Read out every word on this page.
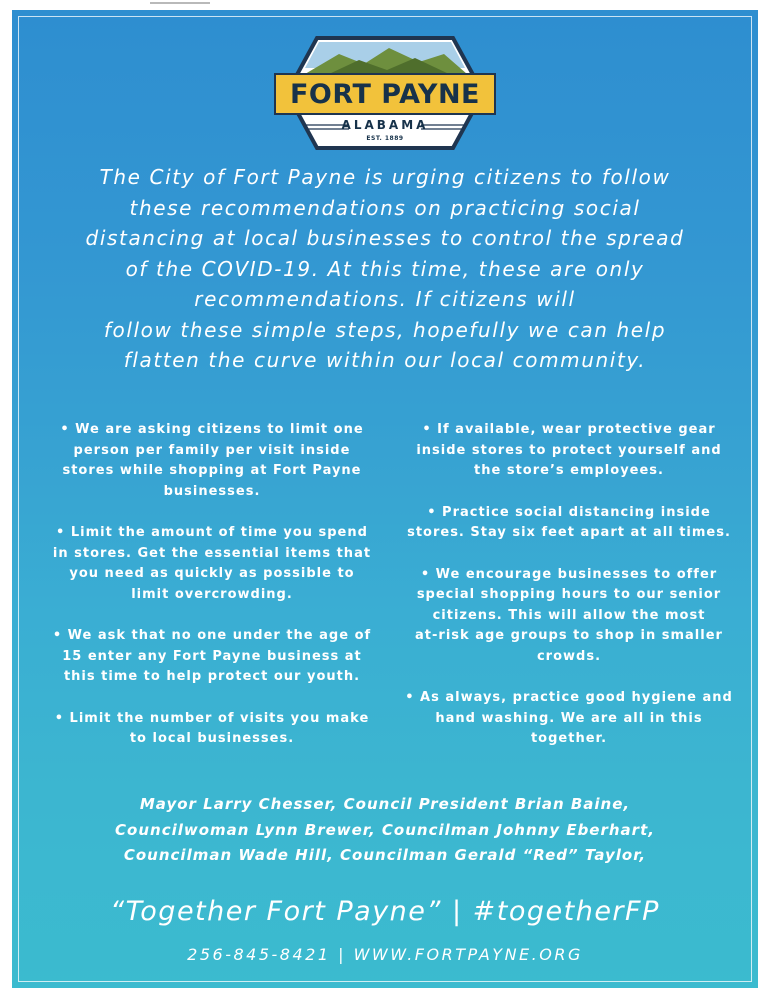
FORT PAYNE
ALABAMA
EST. 1889
The City of Fort Payne is urging citizens to follow
these recommendations on practicing social
distancing at local businesses to control the spread
of the COVID-19. At this time, these are only
recommendations. If citizens will
follow these simple steps, hopefully we can help
flatten the curve within our local community.
• We are asking citizens to limit one
person per family per visit inside
stores while shopping at Fort Payne
businesses.
• Limit the amount of time you spend
in stores. Get the essential items that
you need as quickly as possible to
limit overcrowding.
• We ask that no one under the age of
15 enter any Fort Payne business at
this time to help protect our youth.
• Limit the number of visits you make
to local businesses.
• If available, wear protective gear
inside stores to protect yourself and
the store’s employees.
• Practice social distancing inside
stores. Stay six feet apart at all times.
• We encourage businesses to offer
special shopping hours to our senior
citizens. This will allow the most
at-risk age groups to shop in smaller
crowds.
• As always, practice good hygiene and
hand washing. We are all in this
together.
Mayor Larry Chesser, Council President Brian Baine,
Councilwoman Lynn Brewer, Councilman Johnny Eberhart,
Councilman Wade Hill, Councilman Gerald “Red” Taylor,
“Together Fort Payne” | #togetherFP
256-845-8421 | WWW.FORTPAYNE.ORG
